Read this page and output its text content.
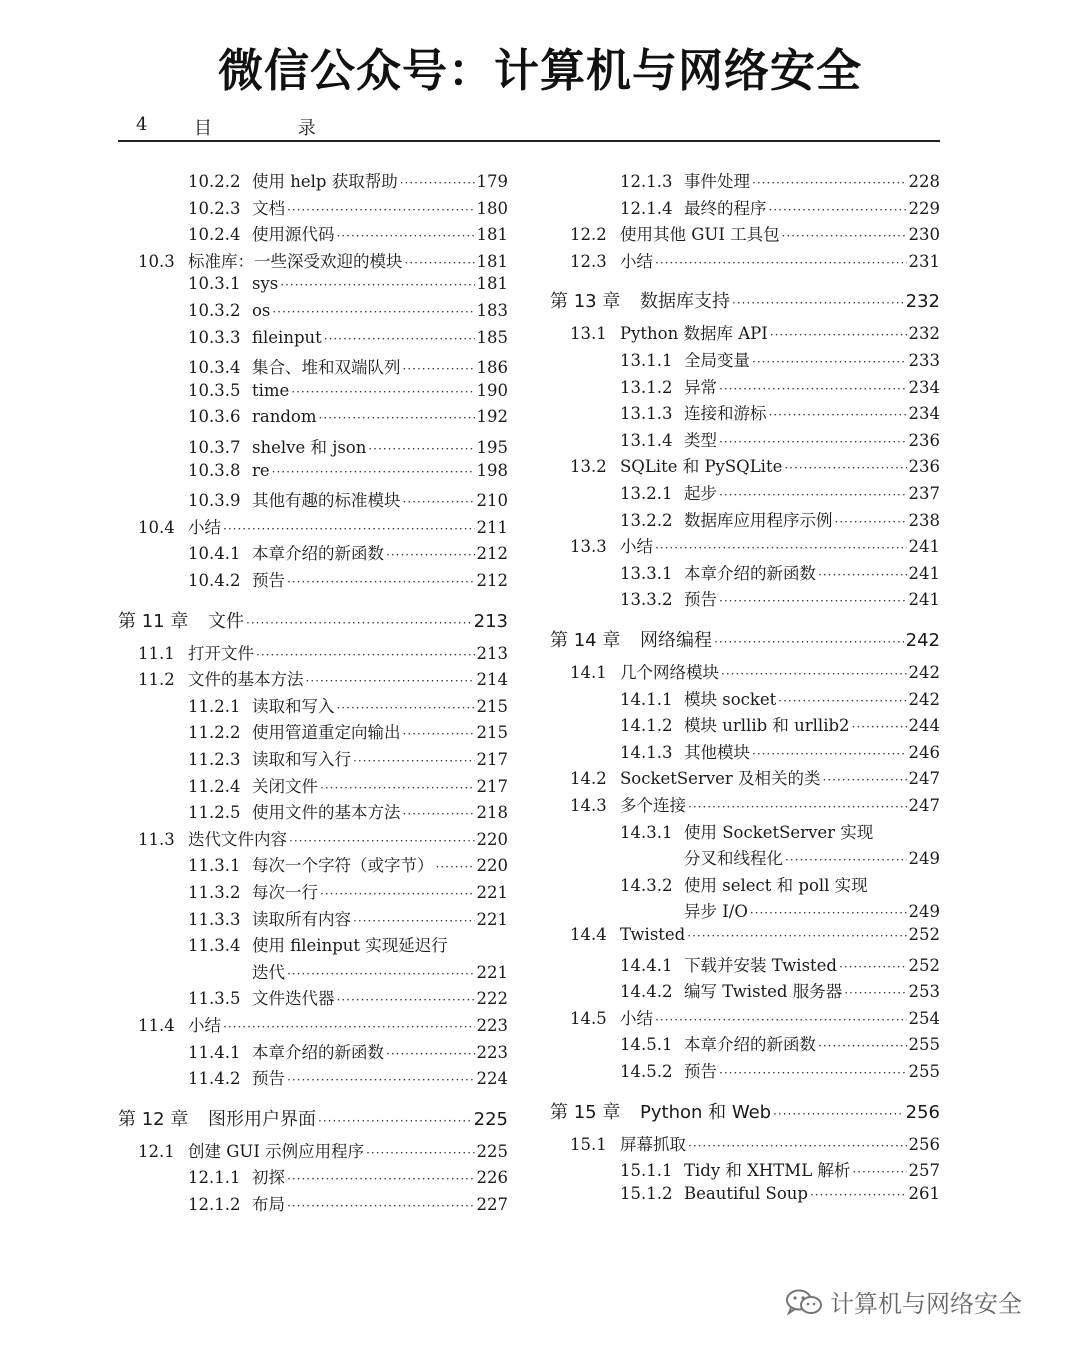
微信公众号：计算机与网络安全
4	目 录
10.2.2 使用 help 获取帮助 ·····	179
10.2.3 文档 ·····	180
10.2.4 使用源代码 ·····	181
10.3 标准库：一些深受欢迎的模块 ·····	181
10.3.1 sys ·····	181
10.3.2 os ·····	183
10.3.3 fileinput ·····	185
10.3.4 集合、堆和双端队列 ·····	186
10.3.5 time ·····	190
10.3.6 random ·····	192
10.3.7 shelve 和 json ·····	195
10.3.8 re ·····	198
10.3.9 其他有趣的标准模块 ·····	210
10.4 小结 ·····	211
10.4.1 本章介绍的新函数 ·····	212
10.4.2 预告 ·····	212
第 11 章	文件 ·····	213
11.1 打开文件 ·····	213
11.2 文件的基本方法 ·····	214
11.2.1 读取和写入 ·····	215
11.2.2 使用管道重定向输出 ·····	215
11.2.3 读取和写入行 ·····	217
11.2.4 关闭文件 ·····	217
11.2.5 使用文件的基本方法 ·····	218
11.3 迭代文件内容 ·····	220
11.3.1 每次一个字符（或字节） ·····	220
11.3.2 每次一行 ·····	221
11.3.3 读取所有内容 ·····	221
11.3.4 使用 fileinput 实现延迟行
迭代 ·····	221
11.3.5 文件迭代器 ·····	222
11.4 小结 ·····	223
11.4.1 本章介绍的新函数 ·····	223
11.4.2 预告 ·····	224
第 12 章	图形用户界面 ·····	225
12.1 创建 GUI 示例应用程序 ·····	225
12.1.1 初探 ·····	226
12.1.2 布局 ·····	227
12.1.3 事件处理 ·····	228
12.1.4 最终的程序 ·····	229
12.2 使用其他 GUI 工具包 ·····	230
12.3 小结 ·····	231
第 13 章	数据库支持 ·····	232
13.1 Python 数据库 API ·····	232
13.1.1 全局变量 ·····	233
13.1.2 异常 ·····	234
13.1.3 连接和游标 ·····	234
13.1.4 类型 ·····	236
13.2 SQLite 和 PySQLite ·····	236
13.2.1 起步 ·····	237
13.2.2 数据库应用程序示例 ·····	238
13.3 小结 ·····	241
13.3.1 本章介绍的新函数 ·····	241
13.3.2 预告 ·····	241
第 14 章	网络编程 ·····	242
14.1 几个网络模块 ·····	242
14.1.1 模块 socket ·····	242
14.1.2 模块 urllib 和 urllib2 ·····	244
14.1.3 其他模块 ·····	246
14.2 SocketServer 及相关的类 ·····	247
14.3 多个连接 ·····	247
14.3.1 使用 SocketServer 实现
分叉和线程化 ·····	249
14.3.2 使用 select 和 poll 实现
异步 I/O ·····	249
14.4 Twisted ·····	252
14.4.1 下载并安装 Twisted ·····	252
14.4.2 编写 Twisted 服务器 ·····	253
14.5 小结 ·····	254
14.5.1 本章介绍的新函数 ·····	255
14.5.2 预告 ·····	255
第 15 章	Python 和 Web ·····	256
15.1 屏幕抓取 ·····	256
15.1.1 Tidy 和 XHTML 解析 ·····	257
15.1.2 Beautiful Soup ·····	261
计算机与网络安全
